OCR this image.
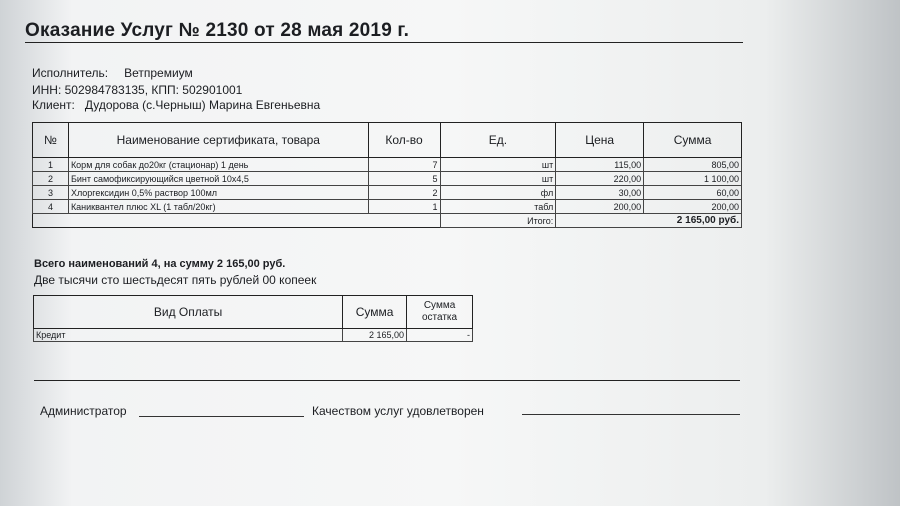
Оказание Услуг № 2130 от 28 мая 2019 г.
Исполнитель: Ветпремиум
ИНН: 502984783135, КПП: 502901001
Клиент: Дудорова (с.Черныш) Марина Евгеньевна
№	Наименование сертификата, товара	Кол-во	Ед.	Цена	Сумма
1	Корм для собак до20кг (стационар) 1 день	7	шт	115,00	805,00
2	Бинт самофиксирующийся цветной 10х4,5	5	шт	220,00	1 100,00
3	Хлоргексидин 0,5% раствор 100мл	2	фл	30,00	60,00
4	Каниквантел плюс XL (1 табл/20кг)	1	табл	200,00	200,00
			Итого:	2 165,00 руб.	
Всего наименований 4, на сумму 2 165,00 руб.
Две тысячи сто шестьдесят пять рублей 00 копеек
Вид Оплаты	Сумма	Сумма
остатка

Кредит	2 165,00	-
Администратор	Качеством услуг удовлетворен
